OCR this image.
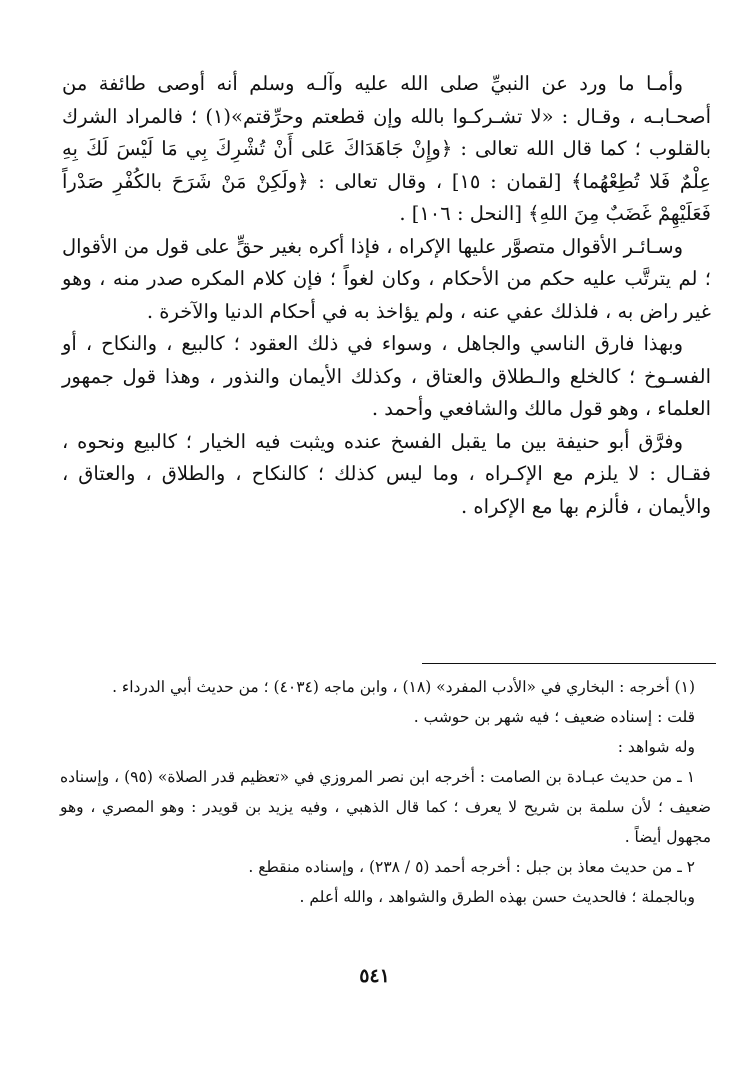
وأمـا ما ورد عن النبيِّ صلى الله عليه وآلـه وسلم أنه أوصى طائفة من أصحـابـه ، وقـال : «لا تشـركـوا بالله وإن قطعتم وحرِّقتم»(١) ؛ فالمراد الشرك بالقلوب ؛ كما قال الله تعالى : ﴿وإِنْ جَاهَدَاكَ عَلى أَنْ تُشْرِكَ بِي مَا لَيْسَ لَكَ بِهِ عِلْمٌ فَلا تُطِعْهُما﴾ [لقمان : ١٥] ، وقال تعالى : ﴿ولَكِنْ مَنْ شَرَحَ بالكُفْرِ صَدْراً فَعَلَيْهِمْ غَضَبٌ مِنَ اللهِ﴾ [النحل : ١٠٦] .

وسـائـر الأقوال متصوَّر عليها الإكراه ، فإذا أكره بغير حقٍّ على قول من الأقوال ؛ لم يترتَّب عليه حكم من الأحكام ، وكان لغواً ؛ فإن كلام المكره صدر منه ، وهو غير راض به ، فلذلك عفي عنه ، ولم يؤاخذ به في أحكام الدنيا والآخرة .

وبهذا فارق الناسي والجاهل ، وسواء في ذلك العقود ؛ كالبيع ، والنكاح ، أو الفسـوخ ؛ كالخلع والـطلاق والعتاق ، وكذلك الأيمان والنذور ، وهذا قول جمهور العلماء ، وهو قول مالك والشافعي وأحمد .

وفرَّق أبو حنيفة بين ما يقبل الفسخ عنده ويثبت فيه الخيار ؛ كالبيع ونحوه ، فقـال : لا يلزم مع الإكـراه ، وما ليس كذلك ؛ كالنكاح ، والطلاق ، والعتاق ، والأيمان ، فألزم بها مع الإكراه .

(١) أخرجه : البخاري في «الأدب المفرد» (١٨) ، وابن ماجه (٤٠٣٤) ؛ من حديث أبي الدرداء .

قلت : إسناده ضعيف ؛ فيه شهر بن حوشب .

وله شواهد :

١ ـ من حديث عبـادة بن الصامت : أخرجه ابن نصر المروزي في «تعظيم قدر الصلاة» (٩٥) ، وإسناده ضعيف ؛ لأن سلمة بن شريح لا يعرف ؛ كما قال الذهبي ، وفيه يزيد بن قويدر : وهو المصري ، وهو مجهول أيضاً .

٢ ـ من حديث معاذ بن جبل : أخرجه أحمد (٥ / ٢٣٨) ، وإسناده منقطع .

وبالجملة ؛ فالحديث حسن بهذه الطرق والشواهد ، والله أعلم .

٥٤١
